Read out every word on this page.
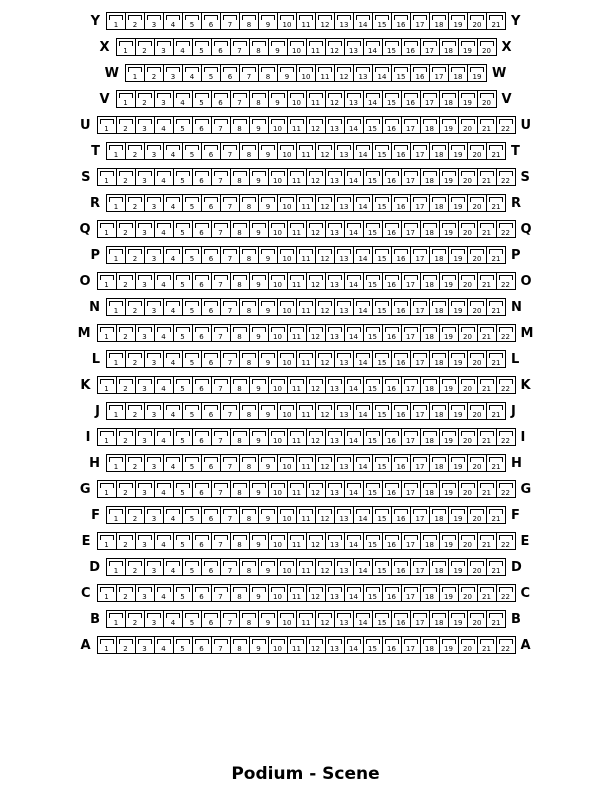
Y	1	2	3	4	5	6	7	8	9	10	11	12	13	14	15	16	17	18	19	20	21 Y
X	1	2	3	4	5	6	7	8	9	10	11	12	13	14	15	16	17	18	19	20 X
W	1	2	3	4	5	6	7	8	9	10	11	12	13	14	15	16	17	18	19 W
V	1	2	3	4	5	6	7	8	9	10	11	12	13	14	15	16	17	18	19	20 V
U	1	2	3	4	5	6	7	8	9	10	11	12	13	14	15	16	17	18	19	20	21	22 U
T	1	2	3	4	5	6	7	8	9	10	11	12	13	14	15	16	17	18	19	20	21 T
S	1	2	3	4	5	6	7	8	9	10	11	12	13	14	15	16	17	18	19	20	21	22 S
R	1	2	3	4	5	6	7	8	9	10	11	12	13	14	15	16	17	18	19	20	21 R
Q	1	2	3	4	5	6	7	8	9	10	11	12	13	14	15	16	17	18	19	20	21	22 Q
P	1	2	3	4	5	6	7	8	9	10	11	12	13	14	15	16	17	18	19	20	21 P
O	1	2	3	4	5	6	7	8	9	10	11	12	13	14	15	16	17	18	19	20	21	22 O
N	1	2	3	4	5	6	7	8	9	10	11	12	13	14	15	16	17	18	19	20	21 N
M	1	2	3	4	5	6	7	8	9	10	11	12	13	14	15	16	17	18	19	20	21	22 M
L	1	2	3	4	5	6	7	8	9	10	11	12	13	14	15	16	17	18	19	20	21 L
K	1	2	3	4	5	6	7	8	9	10	11	12	13	14	15	16	17	18	19	20	21	22 K
J	1	2	3	4	5	6	7	8	9	10	11	12	13	14	15	16	17	18	19	20	21 J
I	1	2	3	4	5	6	7	8	9	10	11	12	13	14	15	16	17	18	19	20	21	22 I
H	1	2	3	4	5	6	7	8	9	10	11	12	13	14	15	16	17	18	19	20	21 H
G	1	2	3	4	5	6	7	8	9	10	11	12	13	14	15	16	17	18	19	20	21	22 G
F	1	2	3	4	5	6	7	8	9	10	11	12	13	14	15	16	17	18	19	20	21 F
E	1	2	3	4	5	6	7	8	9	10	11	12	13	14	15	16	17	18	19	20	21	22 E
D	1	2	3	4	5	6	7	8	9	10	11	12	13	14	15	16	17	18	19	20	21 D
C	1	2	3	4	5	6	7	8	9	10	11	12	13	14	15	16	17	18	19	20	21	22 C
B	1	2	3	4	5	6	7	8	9	10	11	12	13	14	15	16	17	18	19	20	21 B
A	1	2	3	4	5	6	7	8	9	10	11	12	13	14	15	16	17	18	19	20	21	22 A
Podium - Scene
